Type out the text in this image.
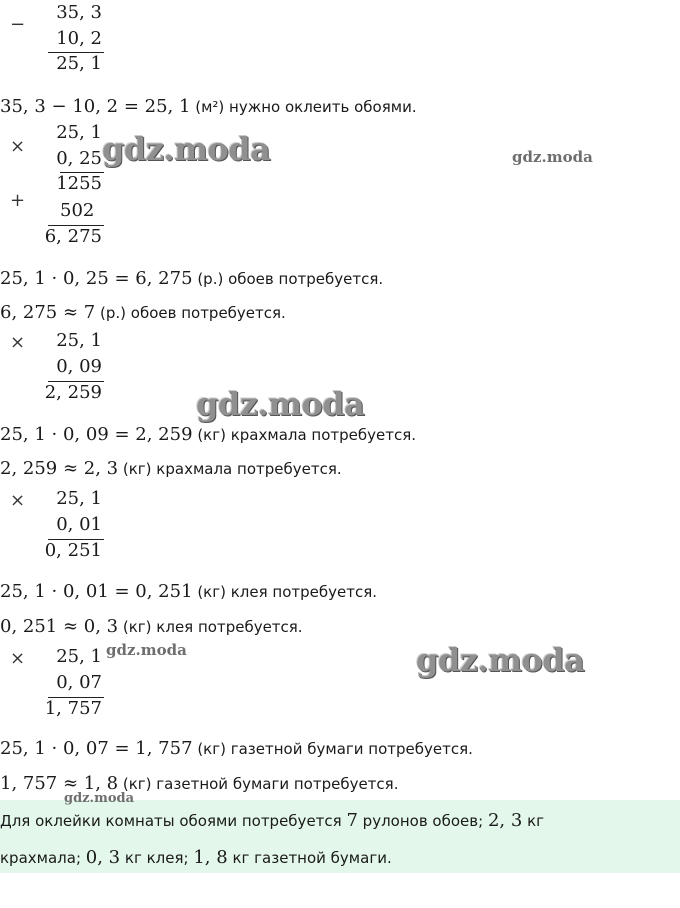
−
35, 3
10, 2
25, 1
35, 3 − 10, 2 = 25, 1 (м²) нужно оклеить обоями.
×
25, 1
0, 25
1255
+ 502
6, 275
25, 1 · 0, 25 = 6, 275 (р.) обоев потребуется.
6, 275 ≈ 7 (р.) обоев потребуется.
×	25, 1
0, 09
2, 259
25, 1 · 0, 09 = 2, 259 (кг) крахмала потребуется.
2, 259 ≈ 2, 3 (кг) крахмала потребуется.
×	25, 1
0, 01
0, 251
25, 1 · 0, 01 = 0, 251 (кг) клея потребуется.
0, 251 ≈ 0, 3 (кг) клея потребуется.
×	25, 1
0, 07
1, 757
25, 1 · 0, 07 = 1, 757 (кг) газетной бумаги потребуется.
1, 757 ≈ 1, 8 (кг) газетной бумаги потребуется.
Для оклейки комнаты обоями потребуется 7 рулонов обоев; 2, 3 кг
крахмала; 0, 3 кг клея; 1, 8 кг газетной бумаги.
gdz.moda	gdz.moda
gdz.moda
gdz.moda	gdz.moda
gdz.moda
